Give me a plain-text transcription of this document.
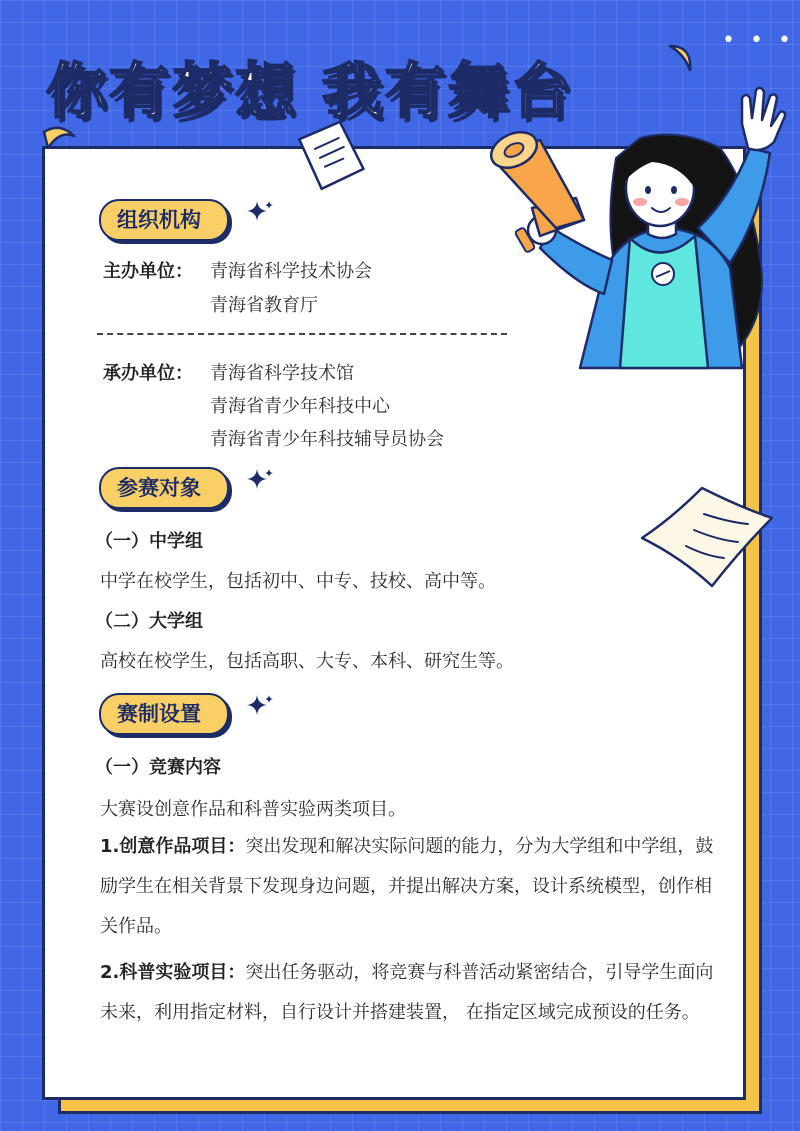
你有梦想 我有舞台
• • •
组织机构
主办单位： 青海省科学技术协会
青海省教育厅
承办单位： 青海省科学技术馆
青海省青少年科技中心
青海省青少年科技辅导员协会
参赛对象
（一）中学组
中学在校学生，包括初中、中专、技校、高中等。
（二）大学组
高校在校学生，包括高职、大专、本科、研究生等。
赛制设置
（一）竞赛内容
大赛设创意作品和科普实验两类项目。
1.创意作品项目：突出发现和解决实际问题的能力，分为大学组和中学组，鼓励学生在相关背景下发现身边问题，并提出解决方案，设计系统模型，创作相关作品。
2.科普实验项目：突出任务驱动，将竞赛与科普活动紧密结合，引导学生面向未来，利用指定材料，自行设计并搭建装置， 在指定区域完成预设的任务。
